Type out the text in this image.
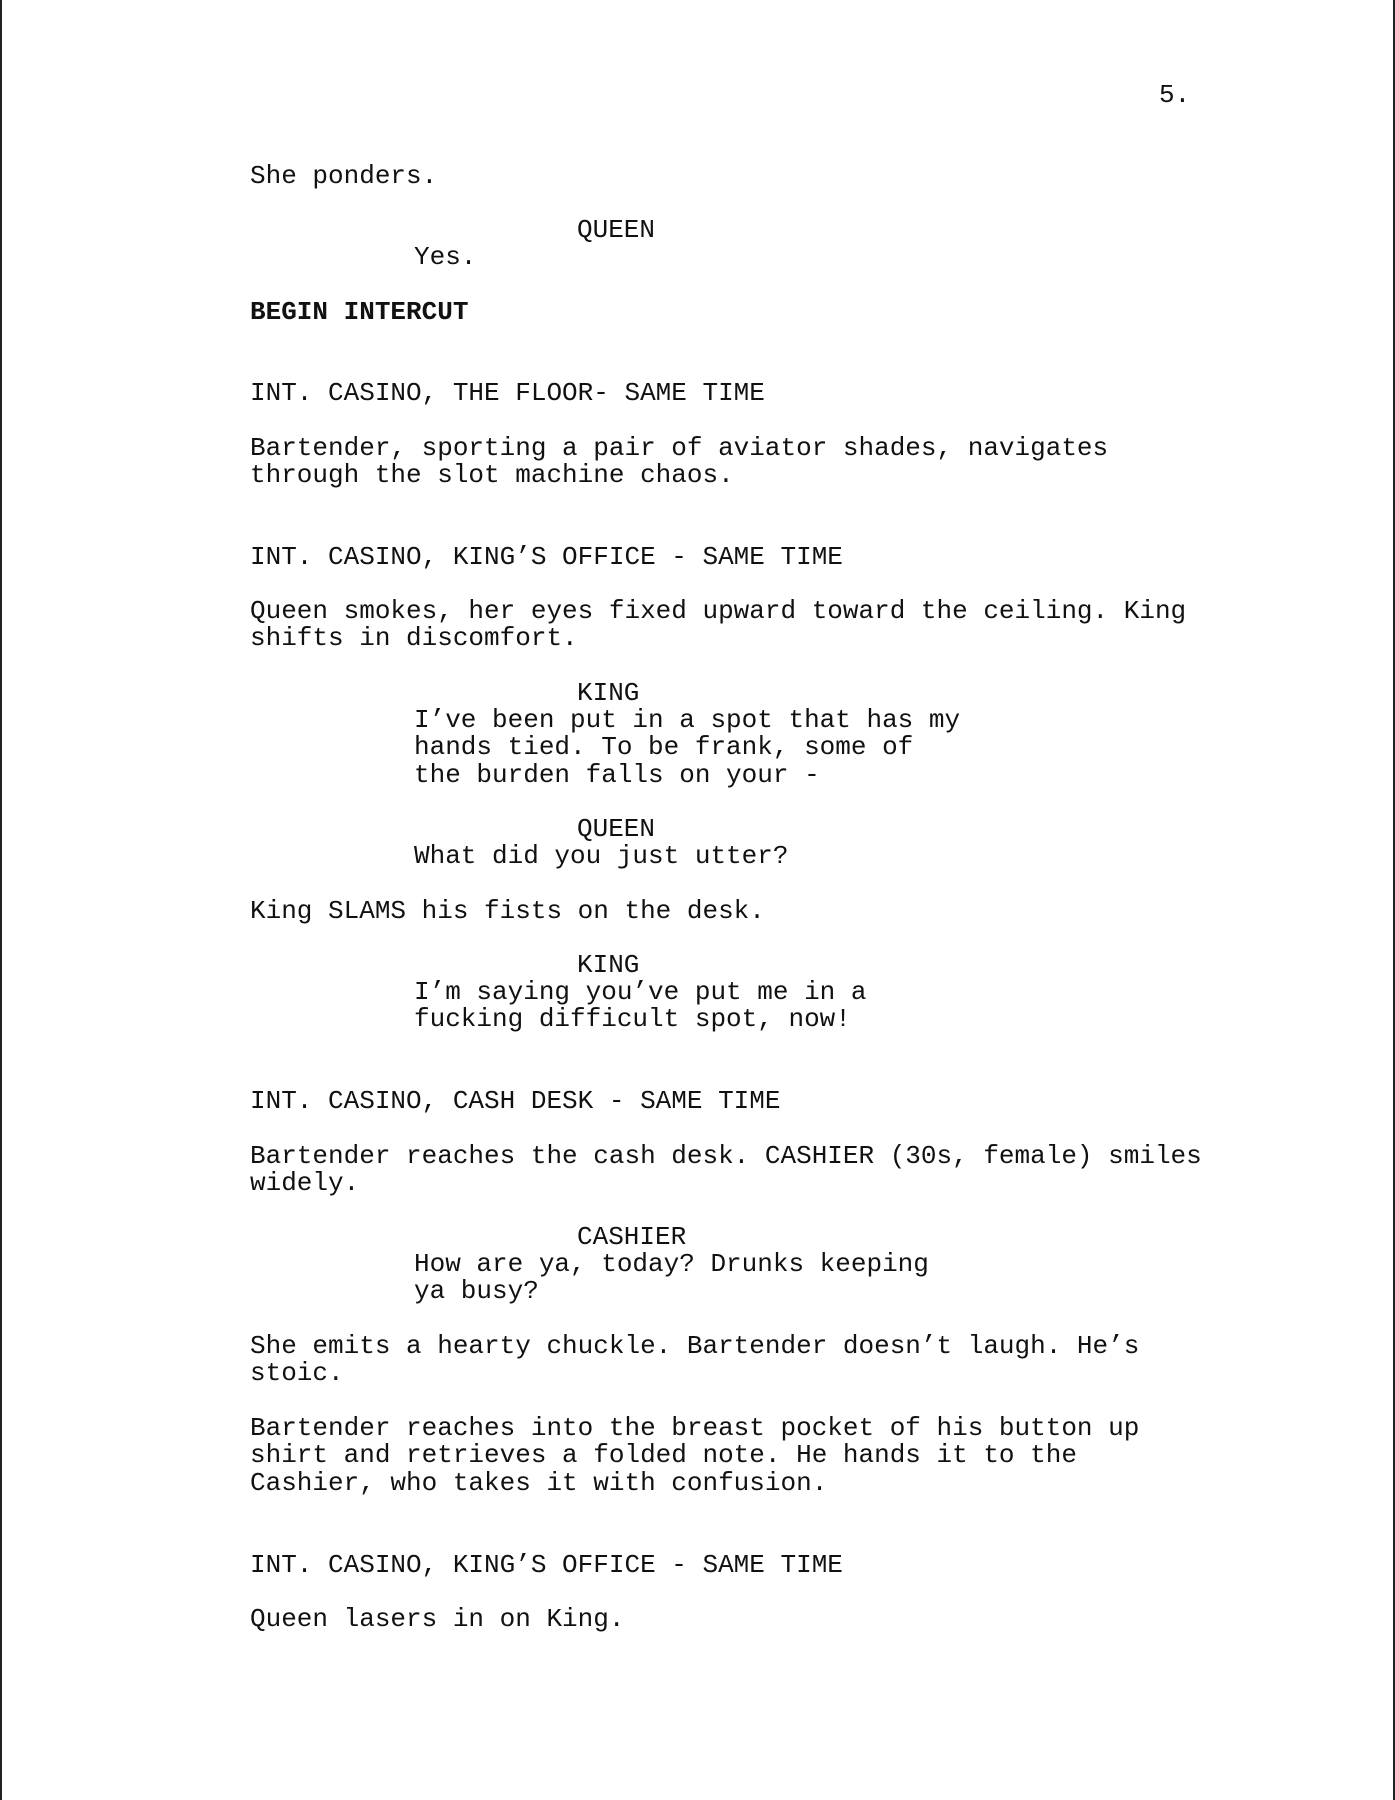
5.

She ponders.

QUEEN

Yes.

BEGIN INTERCUT

INT. CASINO, THE FLOOR- SAME TIME

Bartender, sporting a pair of aviator shades, navigates
through the slot machine chaos.

INT. CASINO, KING’S OFFICE - SAME TIME

Queen smokes, her eyes fixed upward toward the ceiling. King
shifts in discomfort.

KING

I’ve been put in a spot that has my
hands tied. To be frank, some of
the burden falls on your -

QUEEN

What did you just utter?

King SLAMS his fists on the desk.

KING

I’m saying you’ve put me in a
fucking difficult spot, now!

INT. CASINO, CASH DESK - SAME TIME

Bartender reaches the cash desk. CASHIER (30s, female) smiles
widely.

CASHIER

How are ya, today? Drunks keeping
ya busy?

She emits a hearty chuckle. Bartender doesn’t laugh. He’s
stoic.

Bartender reaches into the breast pocket of his button up
shirt and retrieves a folded note. He hands it to the
Cashier, who takes it with confusion.

INT. CASINO, KING’S OFFICE - SAME TIME

Queen lasers in on King.
